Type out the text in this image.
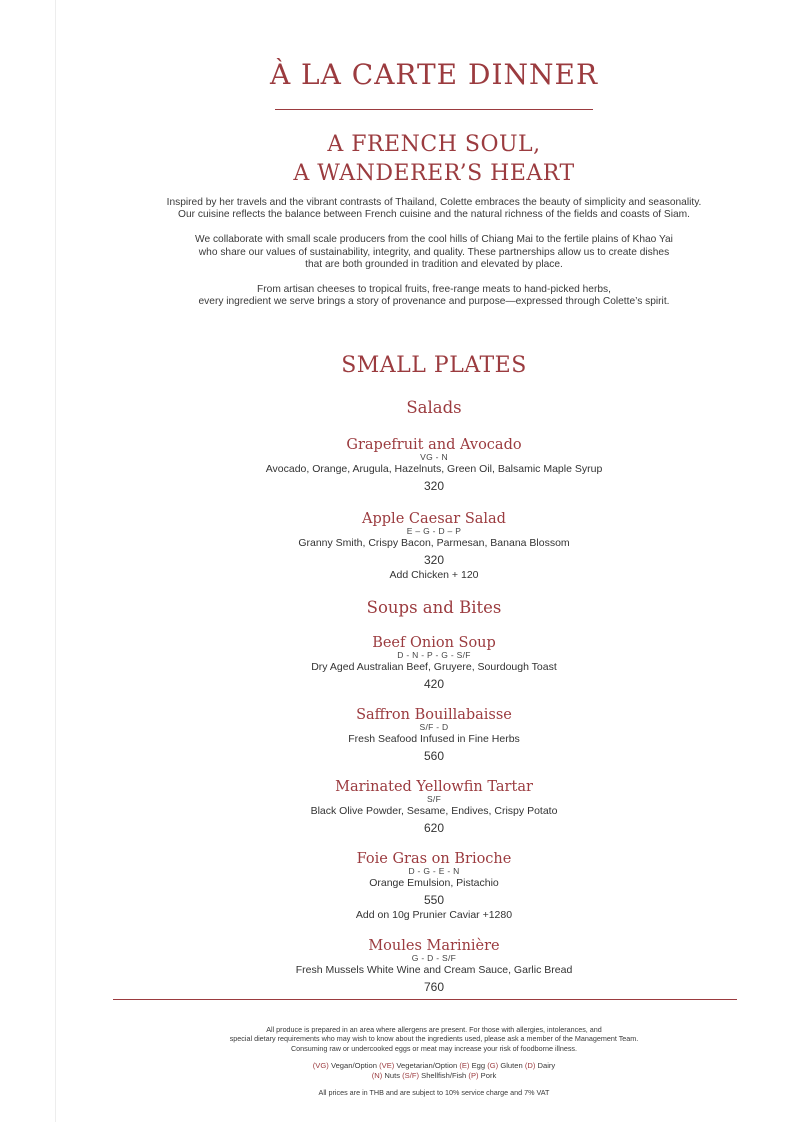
À LA CARTE DINNER
A FRENCH SOUL,
A WANDERER’S HEART

Inspired by her travels and the vibrant contrasts of Thailand, Colette embraces the beauty of simplicity and seasonality.
Our cuisine reflects the balance between French cuisine and the natural richness of the fields and coasts of Siam.

We collaborate with small scale producers from the cool hills of Chiang Mai to the fertile plains of Khao Yai
who share our values of sustainability, integrity, and quality. These partnerships allow us to create dishes
that are both grounded in tradition and elevated by place.

From artisan cheeses to tropical fruits, free-range meats to hand-picked herbs,
every ingredient we serve brings a story of provenance and purpose—expressed through Colette’s spirit.

SMALL PLATES
Salads
Grapefruit and Avocado
VG - N
Avocado, Orange, Arugula, Hazelnuts, Green Oil, Balsamic Maple Syrup
320
Apple Caesar Salad
E – G - D – P
Granny Smith, Crispy Bacon, Parmesan, Banana Blossom
320
Add Chicken + 120
Soups and Bites
Beef Onion Soup
D - N - P - G - S/F
Dry Aged Australian Beef, Gruyere, Sourdough Toast
420
Saffron Bouillabaisse
S/F - D
Fresh Seafood Infused in Fine Herbs
560
Marinated Yellowfin Tartar
S/F
Black Olive Powder, Sesame, Endives, Crispy Potato
620
Foie Gras on Brioche
D - G - E - N
Orange Emulsion, Pistachio
550
Add on 10g Prunier Caviar +1280
Moules Marinière
G - D - S/F
Fresh Mussels White Wine and Cream Sauce, Garlic Bread
760
All produce is prepared in an area where allergens are present. For those with allergies, intolerances, and
special dietary requirements who may wish to know about the ingredients used, please ask a member of the Management Team.
Consuming raw or undercooked eggs or meat may increase your risk of foodborne illness.
(VG) Vegan/Option (VE) Vegetarian/Option (E) Egg (G) Gluten (D) Dairy
(N) Nuts (S/F) Shellfish/Fish (P) Pork
All prices are in THB and are subject to 10% service charge and 7% VAT
